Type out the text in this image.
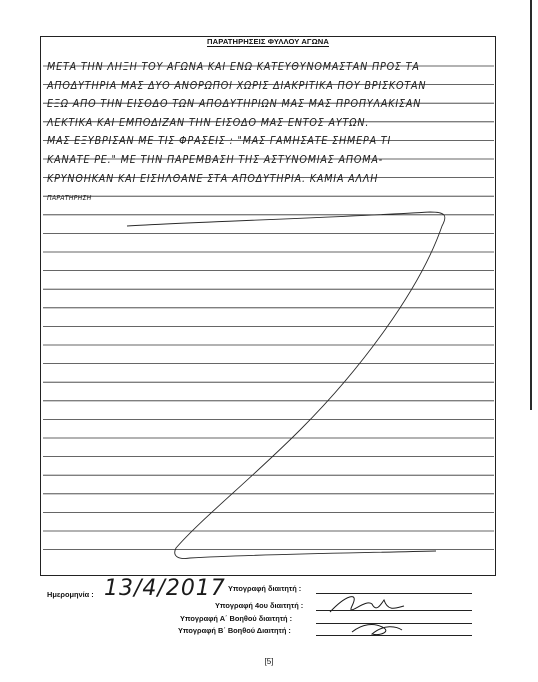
ΠΑΡΑΤΗΡΗΣΕΙΣ ΦΥΛΛΟΥ ΑΓΩΝΑ
ΜΕΤΑ ΤΗΝ ΛΗΞΗ ΤΟΥ ΑΓΩΝΑ ΚΑΙ ΕΝΩ ΚΑΤΕΥΘΥΝΟΜΑΣΤΑΝ ΠΡΟΣ ΤΑ
ΑΠΟΔΥΤΗΡΙΑ ΜΑΣ ΔΥΟ ΑΝΘΡΩΠΟΙ ΧΩΡΙΣ ΔΙΑΚΡΙΤΙΚΑ ΠΟΥ ΒΡΙΣΚΟΤΑΝ
ΕΞΩ ΑΠΟ ΤΗΝ ΕΙΣΟΔΟ ΤΩΝ ΑΠΟΔΥΤΗΡΙΩΝ ΜΑΣ ΜΑΣ ΠΡΟΠΥΛΑΚΙΣΑΝ
ΛΕΚΤΙΚΑ ΚΑΙ ΕΜΠΟΔΙΖΑΝ ΤΗΝ ΕΙΣΟΔΟ ΜΑΣ ΕΝΤΟΣ ΑΥΤΩΝ.
ΜΑΣ ΕΞΥΒΡΙΣΑΝ ΜΕ ΤΙΣ ΦΡΑΣΕΙΣ : "ΜΑΣ ΓΑΜΗΣΑΤΕ ΣΗΜΕΡΑ ΤΙ
ΚΑΝΑΤΕ ΡΕ." ΜΕ ΤΗΝ ΠΑΡΕΜΒΑΣΗ ΤΗΣ ΑΣΤΥΝΟΜΙΑΣ ΑΠΟΜΑ-
ΚΡΥΝΘΗΚΑΝ ΚΑΙ ΕΙΣΗΛΘΑΝΕ ΣΤΑ ΑΠΟΔΥΤΗΡΙΑ. ΚΑΜΙΑ ΑΛΛΗ
ΠΑΡΑΤΗΡΗΣΗ
Ημερομηνία : 13/4/2017 Υπογραφή διαιτητή :
Υπογραφή 4ου διαιτητή :
Υπογραφή Α΄ Βοηθού διαιτητή :
Υπογραφή Β΄ Βοηθού Διαιτητή :
[5]
